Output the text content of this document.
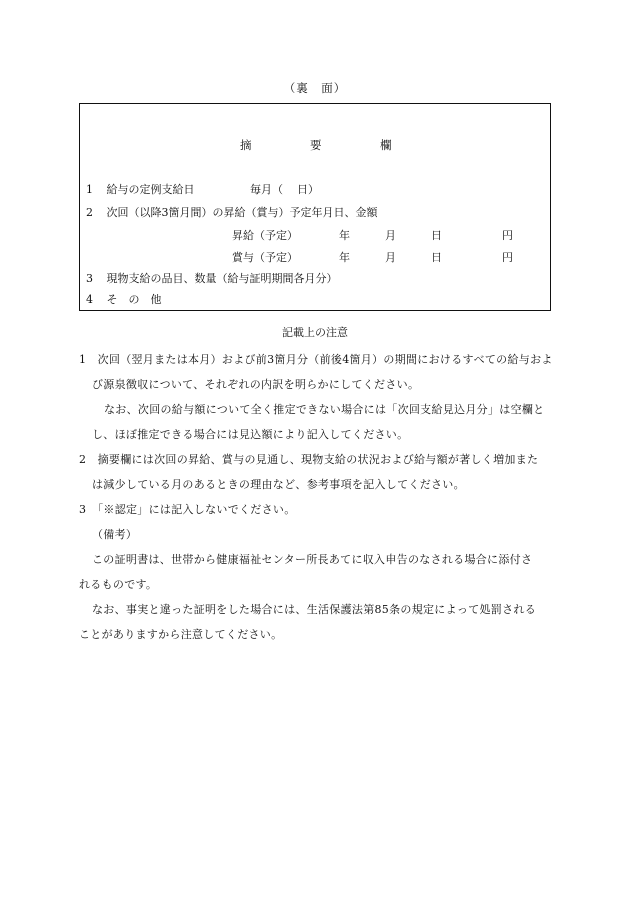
（裏　面）
摘	要	欄
1 給与の定例支給日	毎月（ 日）
2 次回（以降3箇月間）の昇給（賞与）予定年月日、金額
昇給（予定）	年	月	日	円
賞与（予定）	年	月	日	円
3 現物支給の品目、数量（給与証明期間各月分）
4 そ　の　他
記載上の注意
1　次回（翌月または本月）および前3箇月分（前後4箇月）の期間におけるすべての給与およ
び源泉徴収について、それぞれの内訳を明らかにしてください。
なお、次回の給与額について全く推定できない場合には「次回支給見込月分」は空欄と
し、ほぼ推定できる場合には見込額により記入してください。
2　摘要欄には次回の昇給、賞与の見通し、現物支給の状況および給与額が著しく増加また
は減少している月のあるときの理由など、参考事項を記入してください。
3　「※認定」には記入しないでください。
（備考）
この証明書は、世帯から健康福祉センター所長あてに収入申告のなされる場合に添付さ
れるものです。
なお、事実と違った証明をした場合には、生活保護法第85条の規定によって処罰される
ことがありますから注意してください。
